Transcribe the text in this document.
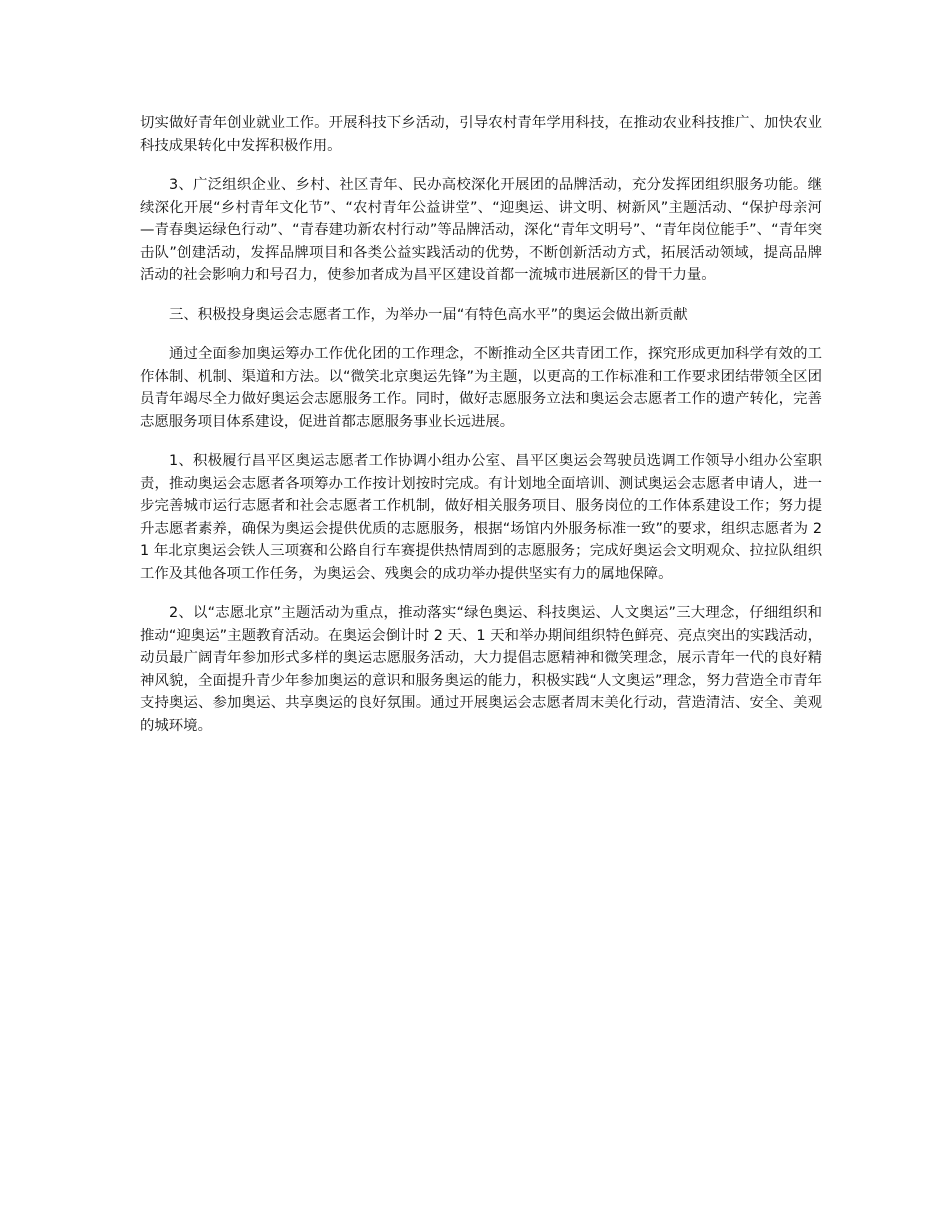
切实做好青年创业就业工作。开展科技下乡活动，引导农村青年学用科技，在推动农业科技推广、加快农业科技成果转化中发挥积极作用。

3、广泛组织企业、乡村、社区青年、民办高校深化开展团的品牌活动，充分发挥团组织服务功能。继续深化开展“乡村青年文化节”、“农村青年公益讲堂”、“迎奥运、讲文明、树新风”主题活动、“保护母亲河—青春奥运绿色行动”、“青春建功新农村行动”等品牌活动，深化“青年文明号”、“青年岗位能手”、“青年突击队”创建活动，发挥品牌项目和各类公益实践活动的优势，不断创新活动方式，拓展活动领域，提高品牌活动的社会影响力和号召力，使参加者成为昌平区建设首都一流城市进展新区的骨干力量。

三、积极投身奥运会志愿者工作，为举办一届“有特色高水平”的奥运会做出新贡献

通过全面参加奥运筹办工作优化团的工作理念，不断推动全区共青团工作，探究形成更加科学有效的工作体制、机制、渠道和方法。以“微笑北京奥运先锋”为主题，以更高的工作标准和工作要求团结带领全区团员青年竭尽全力做好奥运会志愿服务工作。同时，做好志愿服务立法和奥运会志愿者工作的遗产转化，完善志愿服务项目体系建设，促进首都志愿服务事业长远进展。

1、积极履行昌平区奥运志愿者工作协调小组办公室、昌平区奥运会驾驶员选调工作领导小组办公室职责，推动奥运会志愿者各项筹办工作按计划按时完成。有计划地全面培训、测试奥运会志愿者申请人，进一步完善城市运行志愿者和社会志愿者工作机制，做好相关服务项目、服务岗位的工作体系建设工作；努力提升志愿者素养，确保为奥运会提供优质的志愿服务，根据“场馆内外服务标准一致”的要求，组织志愿者为 21 年北京奥运会铁人三项赛和公路自行车赛提供热情周到的志愿服务；完成好奥运会文明观众、拉拉队组织工作及其他各项工作任务，为奥运会、残奥会的成功举办提供坚实有力的属地保障。

2、以“志愿北京”主题活动为重点，推动落实“绿色奥运、科技奥运、人文奥运”三大理念，仔细组织和推动“迎奥运”主题教育活动。在奥运会倒计时 2 天、1 天和举办期间组织特色鲜亮、亮点突出的实践活动，动员最广阔青年参加形式多样的奥运志愿服务活动，大力提倡志愿精神和微笑理念，展示青年一代的良好精神风貌，全面提升青少年参加奥运的意识和服务奥运的能力，积极实践“人文奥运”理念，努力营造全市青年支持奥运、参加奥运、共享奥运的良好氛围。通过开展奥运会志愿者周末美化行动，营造清洁、安全、美观的城环境。
